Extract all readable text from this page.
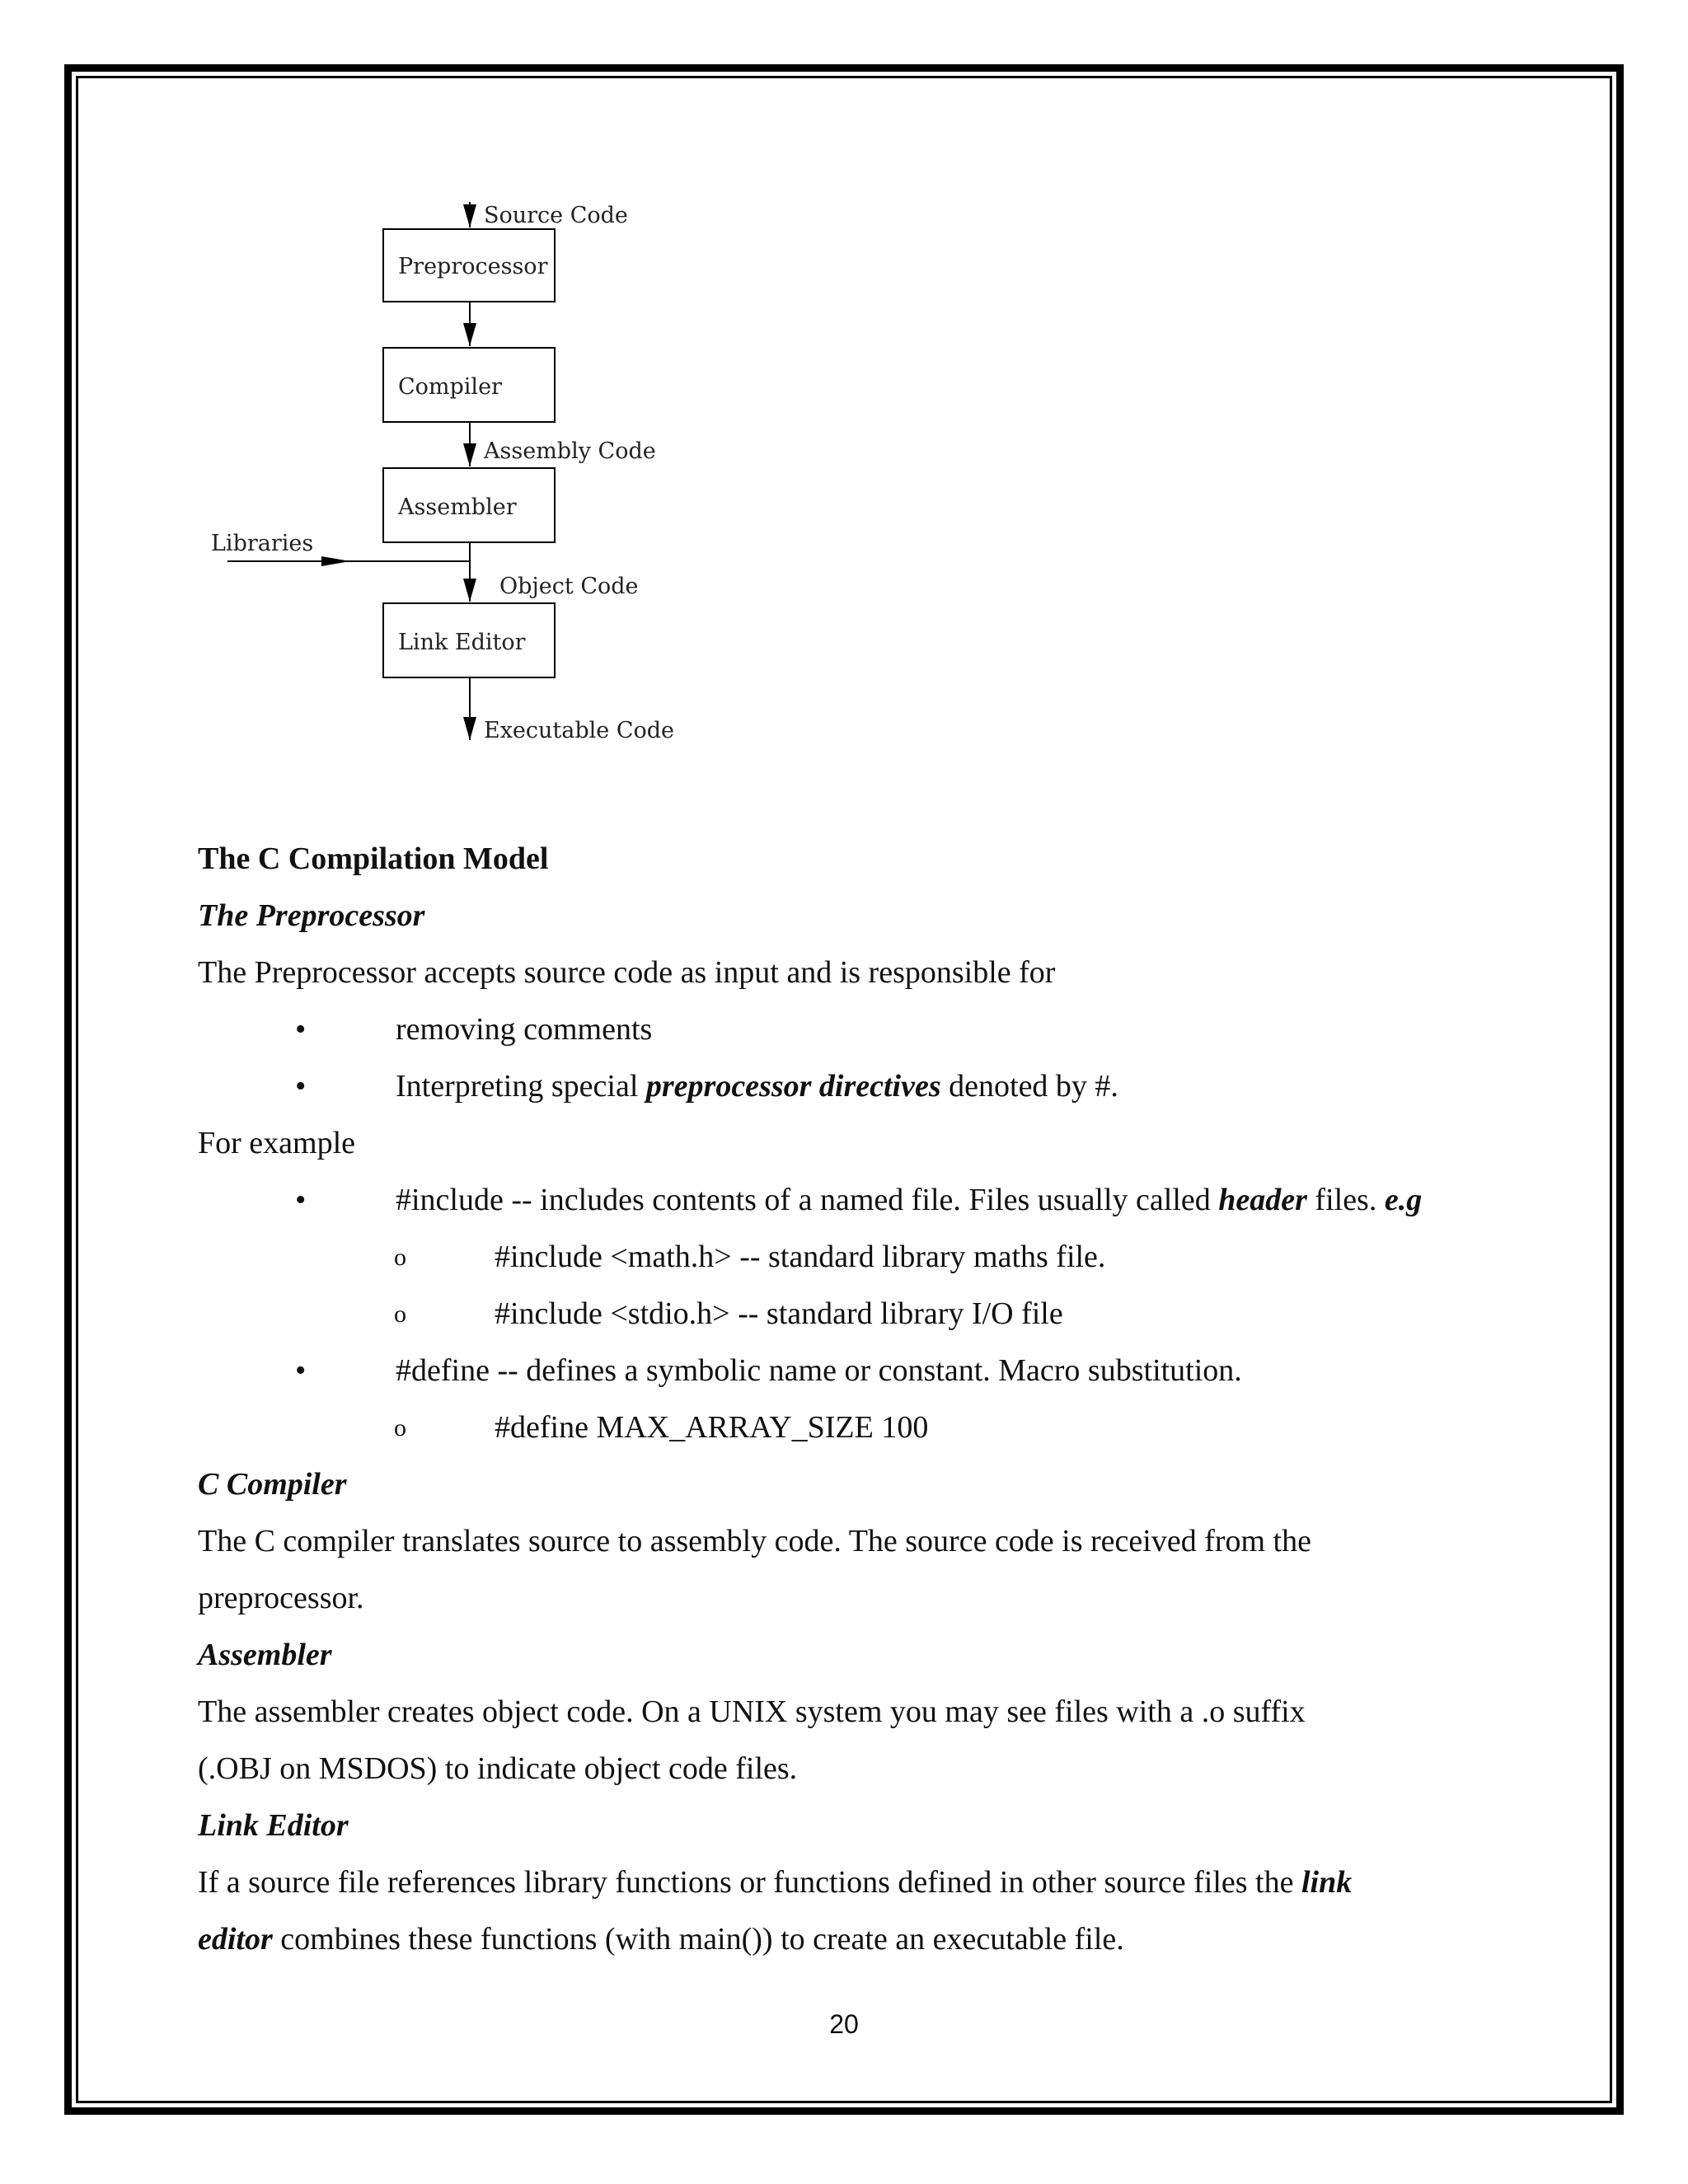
Source Code
Preprocessor
Compiler
Assembly Code
Assembler
Libraries
Object Code
Link Editor
Executable Code
The C Compilation Model
The Preprocessor
The Preprocessor accepts source code as input and is responsible for
•	removing comments
•	Interpreting special preprocessor directives denoted by #.
For example
•	#include -- includes contents of a named file. Files usually called header files. e.g
o	#include <math.h> -- standard library maths file.
o	#include <stdio.h> -- standard library I/O file
•	#define -- defines a symbolic name or constant. Macro substitution.
o	#define MAX_ARRAY_SIZE 100
C Compiler
The C compiler translates source to assembly code. The source code is received from the
preprocessor.
Assembler
The assembler creates object code. On a UNIX system you may see files with a .o suffix
(.OBJ on MSDOS) to indicate object code files.
Link Editor
If a source file references library functions or functions defined in other source files the link
editor combines these functions (with main()) to create an executable file.
20
